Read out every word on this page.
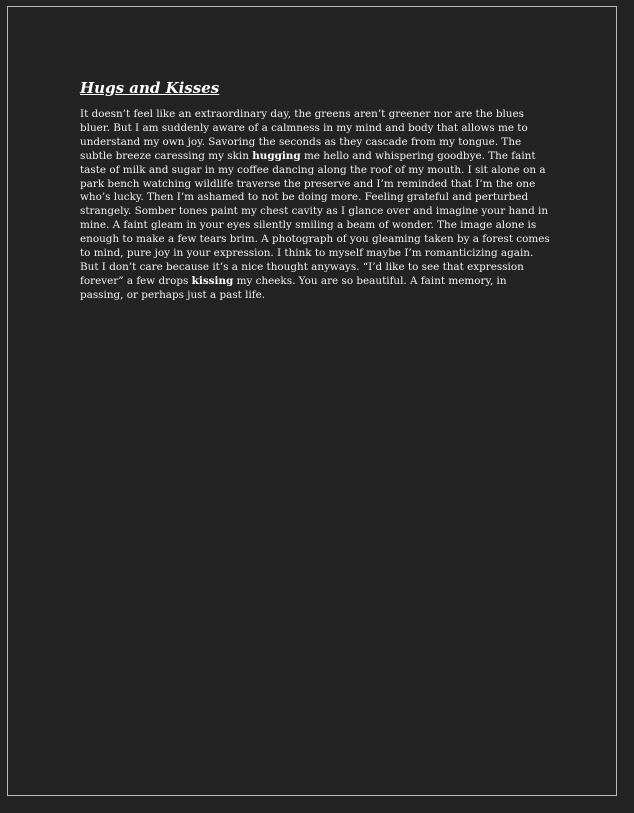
Hugs and Kisses

It doesn’t feel like an extraordinary day, the greens aren’t greener nor are the blues bluer. But I am suddenly aware of a calmness in my mind and body that allows me to understand my own joy. Savoring the seconds as they cascade from my tongue. The subtle breeze caressing my skin hugging me hello and whispering goodbye. The faint taste of milk and sugar in my coffee dancing along the roof of my mouth. I sit alone on a park bench watching wildlife traverse the preserve and I’m reminded that I’m the one who’s lucky. Then I’m ashamed to not be doing more. Feeling grateful and perturbed strangely. Somber tones paint my chest cavity as I glance over and imagine your hand in mine. A faint gleam in your eyes silently smiling a beam of wonder. The image alone is enough to make a few tears brim. A photograph of you gleaming taken by a forest comes to mind, pure joy in your expression. I think to myself maybe I’m romanticizing again. But I don’t care because it’s a nice thought anyways. “I’d like to see that expression forever” a few drops kissing my cheeks. You are so beautiful. A faint memory, in passing, or perhaps just a past life.
